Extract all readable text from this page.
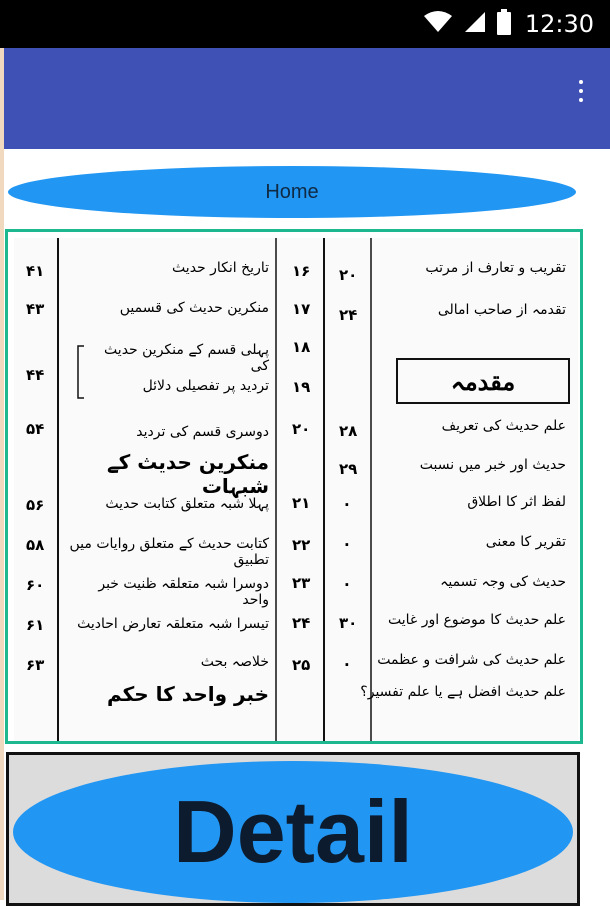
12:30
Home
تقریب و تعارف از مرتب
۲۰
تقدمہ از صاحب امالی
۲۴
مقدمہ
علم حدیث کی تعریف
۲۸
حدیث اور خبر میں نسبت
۲۹
لفظ اثر کا اطلاق
·
تقریر کا معنی
·
حدیث کی وجہ تسمیہ
·
علم حدیث کا موضوع اور غایت
۳۰
علم حدیث کی شرافت و عظمت
·
علم حدیث افضل ہے یا علم تفسیر؟
تاریخ انکار حدیث ۱۶
۴۱
منکرین حدیث کی قسمیں ۱۷
۴۳
پہلی قسم کے منکرین حدیث کی
۱۸
تردید پر تفصیلی دلائل ۱۹
۴۴
دوسری قسم کی تردید ۲۰
۵۴
منکرین حدیث کے شبہات
پہلا شبہ متعلق کتابت حدیث ۲۱
۵۶
کتابت حدیث کے متعلق روایات میں تطبیق
۲۲
۵۸
دوسرا شبہ متعلقہ ظنیت خبر واحد
۲۳
۶۰
تیسرا شبہ متعلقہ تعارض احادیث ۲۴
۶۱
خلاصہ بحث ۲۵
۶۳
خبر واحد کا حکم
Detail
